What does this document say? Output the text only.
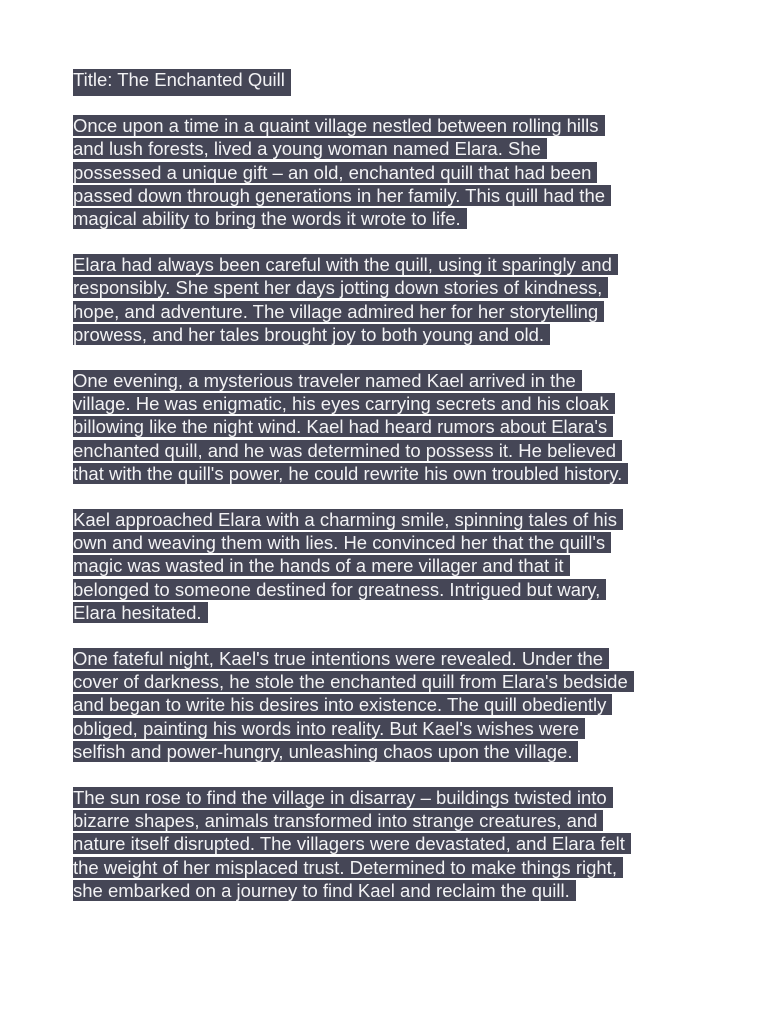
Title: The Enchanted Quill
Once upon a time in a quaint village nestled between rolling hills
and lush forests, lived a young woman named Elara. She
possessed a unique gift – an old, enchanted quill that had been
passed down through generations in her family. This quill had the
magical ability to bring the words it wrote to life.
Elara had always been careful with the quill, using it sparingly and
responsibly. She spent her days jotting down stories of kindness,
hope, and adventure. The village admired her for her storytelling
prowess, and her tales brought joy to both young and old.
One evening, a mysterious traveler named Kael arrived in the
village. He was enigmatic, his eyes carrying secrets and his cloak
billowing like the night wind. Kael had heard rumors about Elara's
enchanted quill, and he was determined to possess it. He believed
that with the quill's power, he could rewrite his own troubled history.
Kael approached Elara with a charming smile, spinning tales of his
own and weaving them with lies. He convinced her that the quill's
magic was wasted in the hands of a mere villager and that it
belonged to someone destined for greatness. Intrigued but wary,
Elara hesitated.
One fateful night, Kael's true intentions were revealed. Under the
cover of darkness, he stole the enchanted quill from Elara's bedside
and began to write his desires into existence. The quill obediently
obliged, painting his words into reality. But Kael's wishes were
selfish and power-hungry, unleashing chaos upon the village.
The sun rose to find the village in disarray – buildings twisted into
bizarre shapes, animals transformed into strange creatures, and
nature itself disrupted. The villagers were devastated, and Elara felt
the weight of her misplaced trust. Determined to make things right,
she embarked on a journey to find Kael and reclaim the quill.
